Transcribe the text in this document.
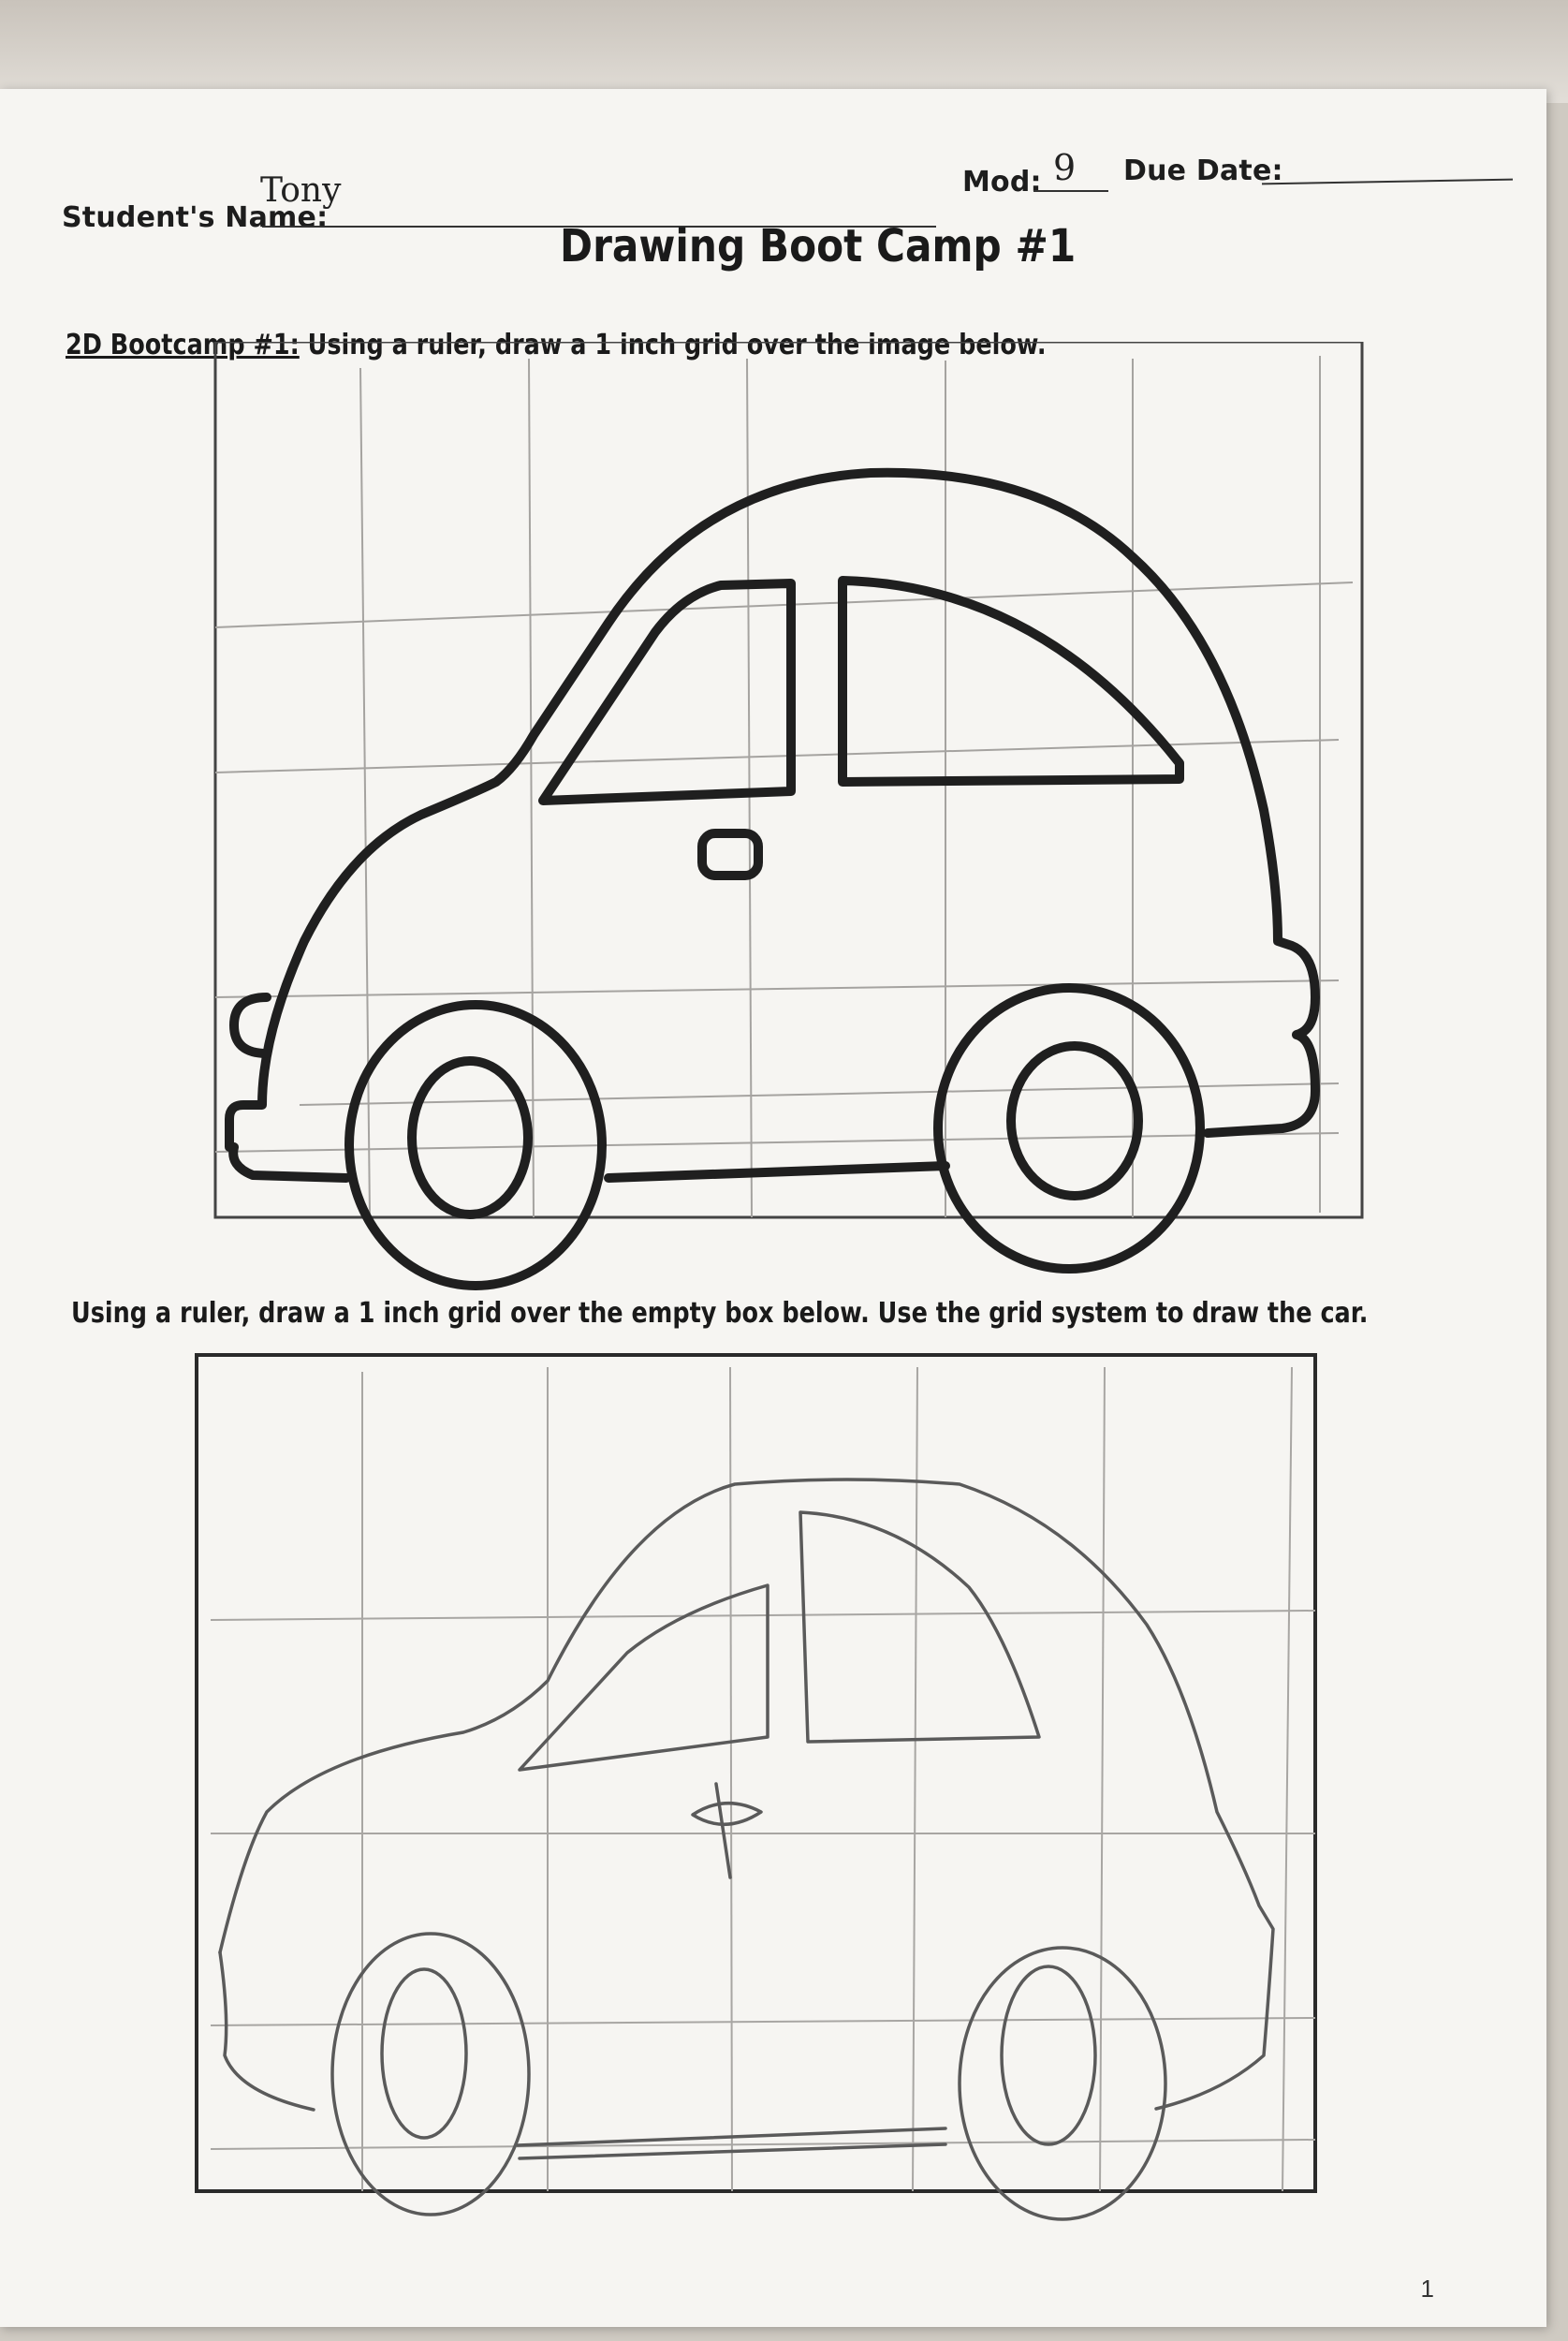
Student's Name:
Tony	Mod: 9 Due Date:
Drawing Boot Camp #1
2D Bootcamp #1: Using a ruler, draw a 1 inch grid over the image below.
Using a ruler, draw a 1 inch grid over the empty box below. Use the grid system to draw the car.
1
